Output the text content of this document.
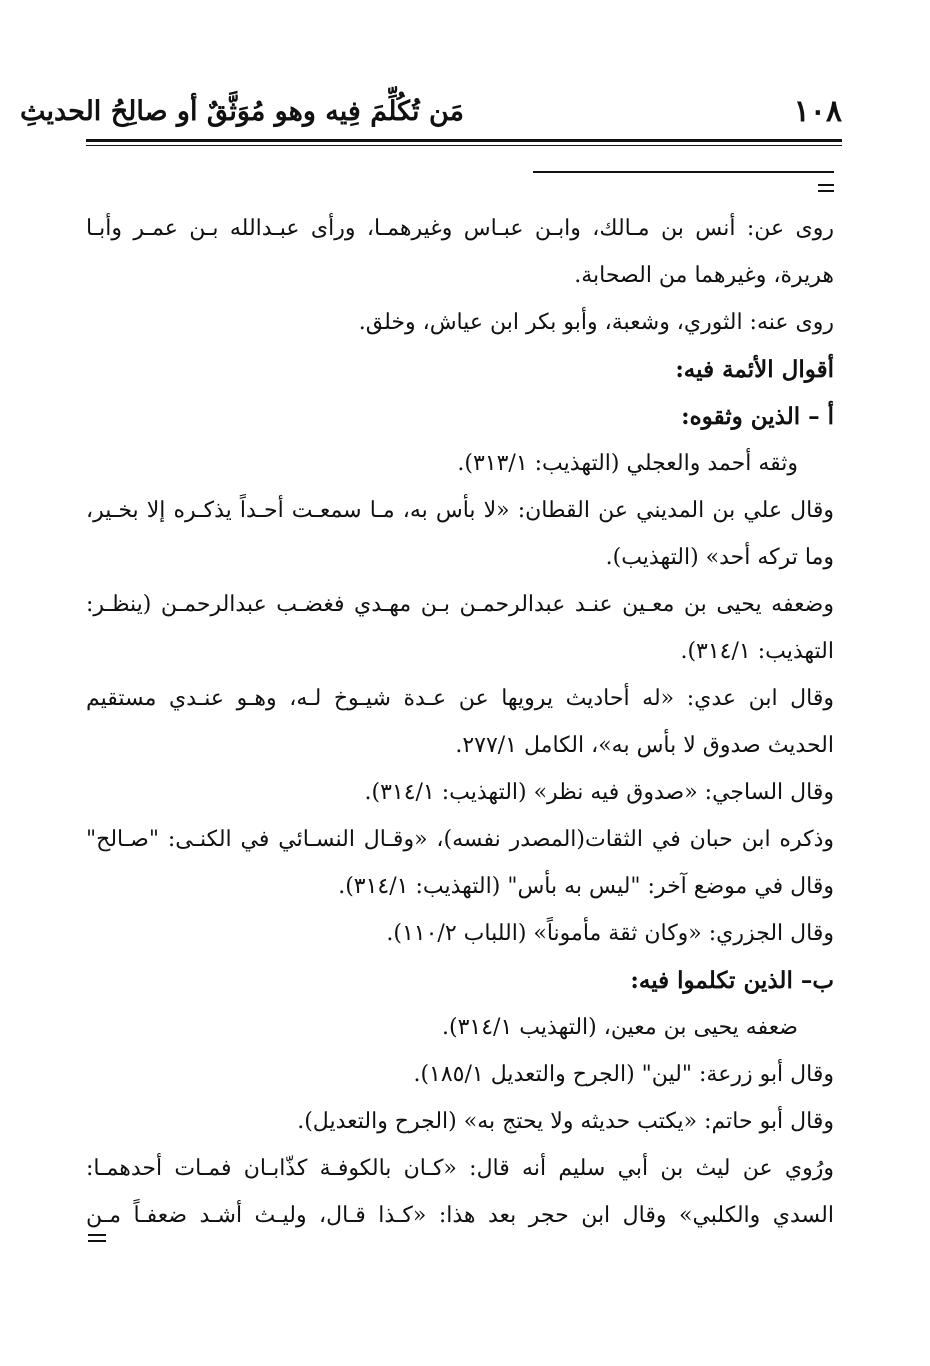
١٠٨
مَن تُكُلِّمَ فِيه وهو مُوَثَّقٌ أو صالِحُ الحديثِ
روى عن: أنس بن مـالك، وابـن عبـاس وغيرهمـا، ورأى عبـدالله بـن عمـر وأبـا
هريرة، وغيرهما من الصحابة.
روى عنه: الثوري، وشعبة، وأبو بكر ابن عياش، وخلق.
أقوال الأئمة فيه:
أ – الذين وثقوه:
وثقه أحمد والعجلي (التهذيب: ٣١٣/١).
وقال علي بن المديني عن القطان: «لا بأس به، مـا سمعـت أحـداً يذكـره إلا بخـير،
وما تركه أحد» (التهذيب).
وضعفه يحيى بن معـين عنـد عبدالرحمـن بـن مهـدي فغضـب عبدالرحمـن (ينظـر:
التهذيب: ٣١٤/١).
وقال ابن عدي: «له أحاديث يرويها عن عـدة شيـوخ لـه، وهـو عنـدي مستقيم
الحديث صدوق لا بأس به»، الكامل ٢٧٧/١.
وقال الساجي: «صدوق فيه نظر» (التهذيب: ٣١٤/١).
وذكره ابن حبان في الثقات(المصدر نفسه)، «وقـال النسـائي في الكنـى: "صـالح"
وقال في موضع آخر: "ليس به بأس" (التهذيب: ٣١٤/١).
وقال الجزري: «وكان ثقة مأموناً» (اللباب ١١٠/٢).
ب– الذين تكلموا فيه:
ضعفه يحيى بن معين، (التهذيب ٣١٤/١).
وقال أبو زرعة: "لين" (الجرح والتعديل ١٨٥/١).
وقال أبو حاتم: «يكتب حديثه ولا يحتج به» (الجرح والتعديل).
ورُوي عن ليث بن أبي سليم أنه قال: «كـان بالكوفـة كذّابـان فمـات أحدهمـا:
السدي والكلبي» وقال ابن حجر بعد هذا: «كـذا قـال، وليـث أشـد ضعفـاً مـن
